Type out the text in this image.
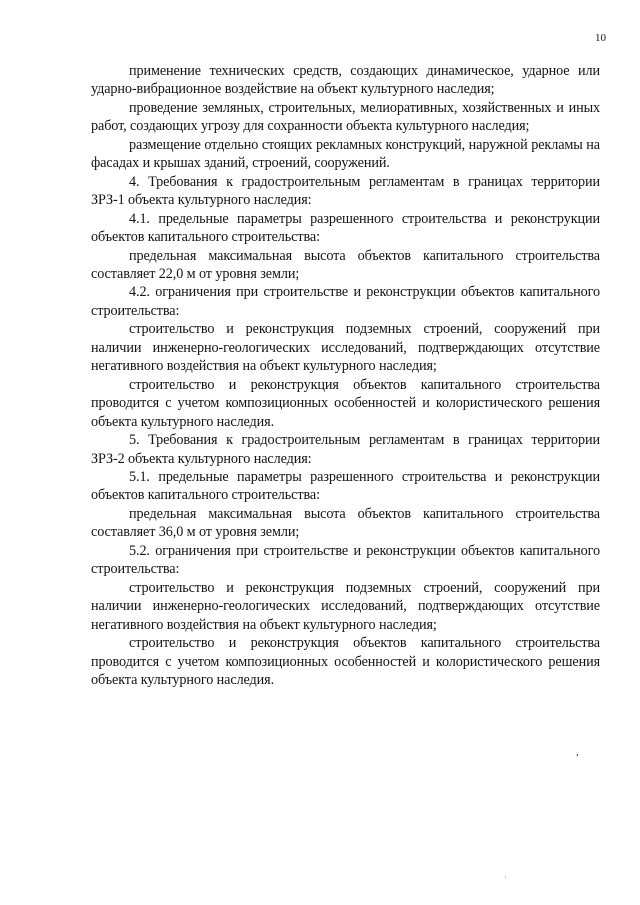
10

применение технических средств, создающих динамическое, ударное или ударно-вибрационное воздействие на объект культурного наследия;

проведение земляных, строительных, мелиоративных, хозяйственных и иных работ, создающих угрозу для сохранности объекта культурного наследия;

размещение отдельно стоящих рекламных конструкций, наружной рекламы на фасадах и крышах зданий, строений, сооружений.

4. Требования к градостроительным регламентам в границах территории ЗРЗ-1 объекта культурного наследия:

4.1. предельные параметры разрешенного строительства и реконструкции объектов капитального строительства:

предельная максимальная высота объектов капитального строительства составляет 22,0 м от уровня земли;

4.2. ограничения при строительстве и реконструкции объектов капитального строительства:

строительство и реконструкция подземных строений, сооружений при наличии инженерно-геологических исследований, подтверждающих отсутствие негативного воздействия на объект культурного наследия;

строительство и реконструкция объектов капитального строительства проводится с учетом композиционных особенностей и колористического решения объекта культурного наследия.

5. Требования к градостроительным регламентам в границах территории ЗРЗ-2 объекта культурного наследия:

5.1. предельные параметры разрешенного строительства и реконструкции объектов капитального строительства:

предельная максимальная высота объектов капитального строительства составляет 36,0 м от уровня земли;

5.2. ограничения при строительстве и реконструкции объектов капитального строительства:

строительство и реконструкция подземных строений, сооружений при наличии инженерно-геологических исследований, подтверждающих отсутствие негативного воздействия на объект культурного наследия;

строительство и реконструкция объектов капитального строительства проводится с учетом композиционных особенностей и колористического решения объекта культурного наследия.

,
·
